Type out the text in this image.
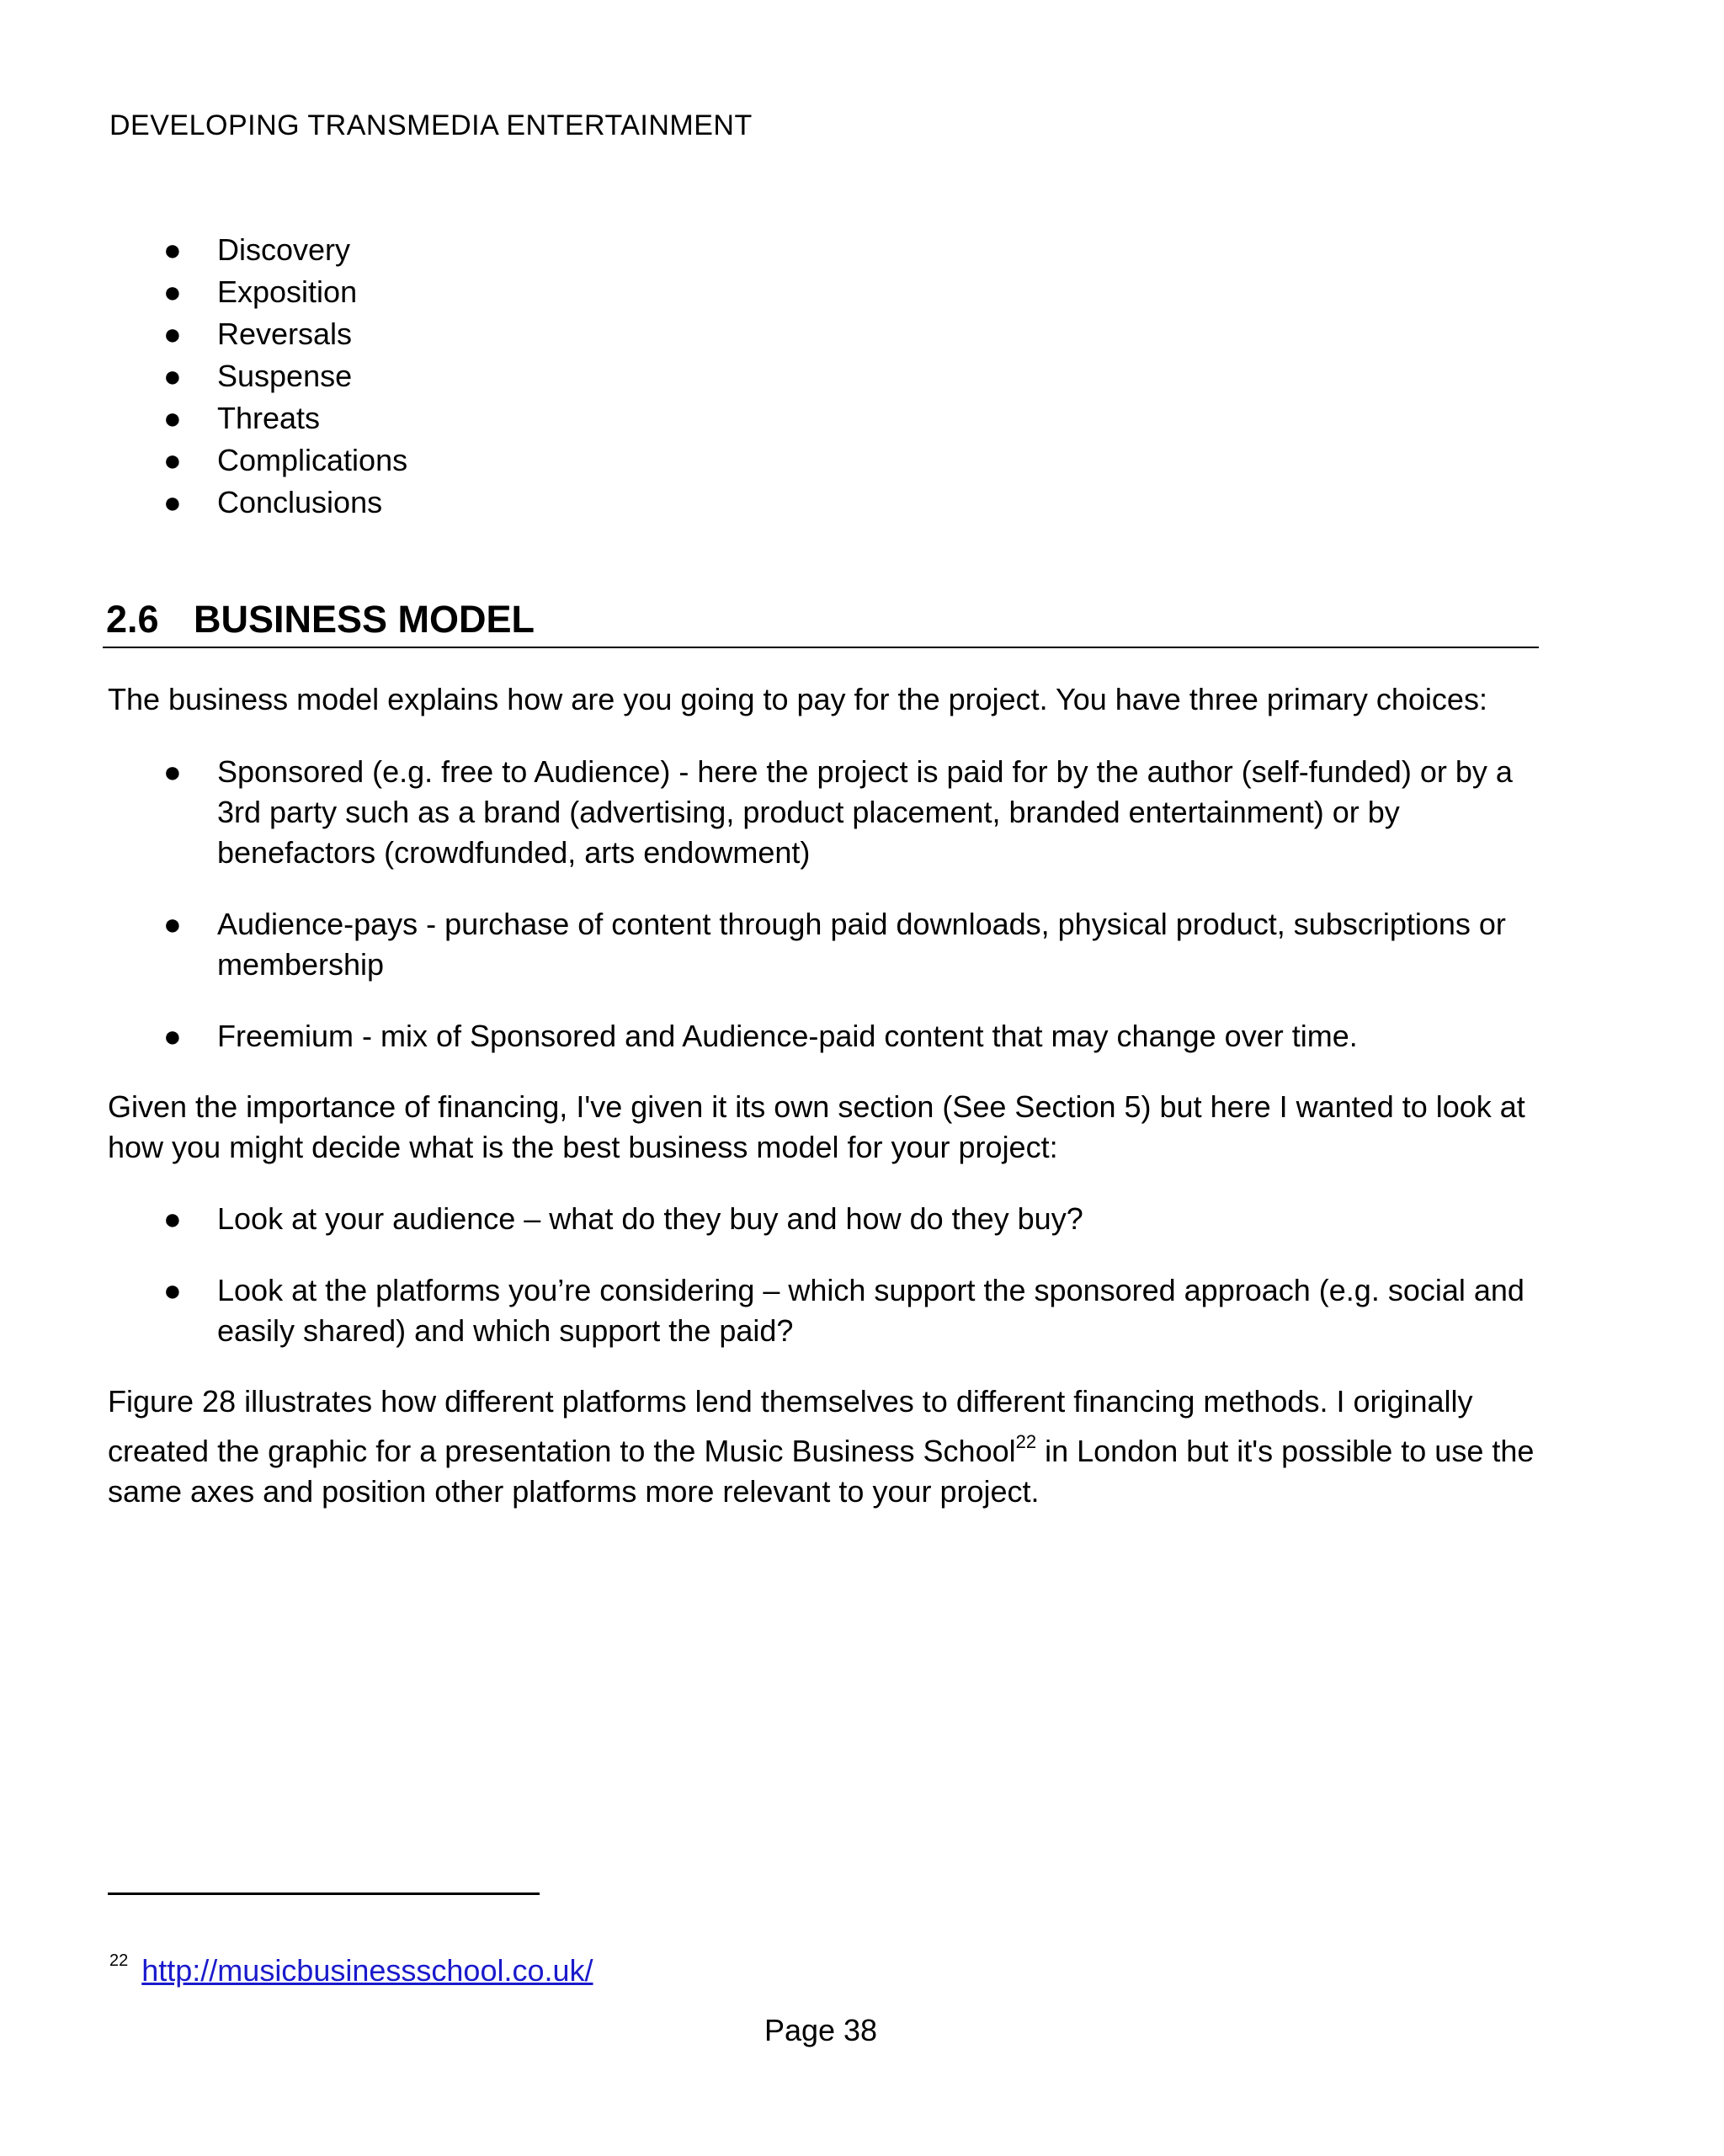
DEVELOPING TRANSMEDIA ENTERTAINMENT
● Discovery
● Exposition
● Reversals
● Suspense
● Threats
● Complications
● Conclusions
2.6 BUSINESS MODEL

The business model explains how are you going to pay for the project. You have three primary choices:

● Sponsored (e.g. free to Audience) - here the project is paid for by the author (self-funded) or by a 3rd party such as a brand (advertising, product placement, branded entertainment) or by benefactors (crowdfunded, arts endowment)
● Audience-pays - purchase of content through paid downloads, physical product, subscriptions or membership
● Freemium - mix of Sponsored and Audience-paid content that may change over time.

Given the importance of financing, I've given it its own section (See Section 5) but here I wanted to look at how you might decide what is the best business model for your project:

● Look at your audience – what do they buy and how do they buy?
● Look at the platforms you’re considering – which support the sponsored approach (e.g. social and easily shared) and which support the paid?

Figure 28 illustrates how different platforms lend themselves to different financing methods. I originally created the graphic for a presentation to the Music Business School$^{22}$ in London but it's possible to use the same axes and position other platforms more relevant to your project.

$^{22}$ http://musicbusinessschool.co.uk/
Page 38
